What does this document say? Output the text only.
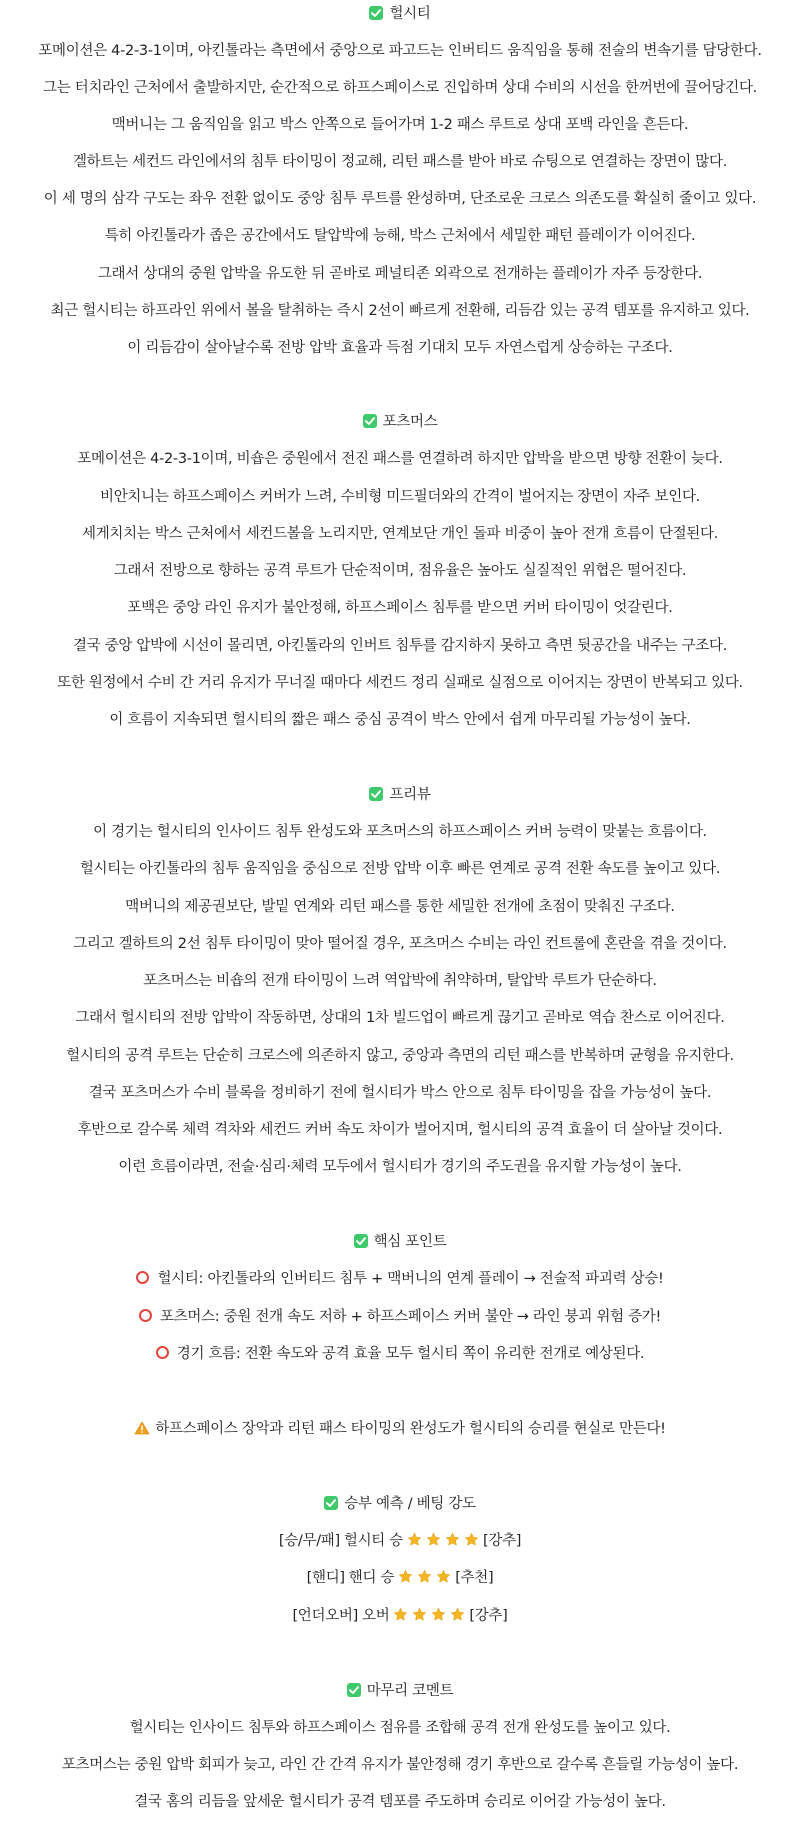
헐시티
포메이션은 4-2-3-1이며, 아킨톨라는 측면에서 중앙으로 파고드는 인버티드 움직임을 통해 전술의 변속기를 담당한다.
그는 터치라인 근처에서 출발하지만, 순간적으로 하프스페이스로 진입하며 상대 수비의 시선을 한꺼번에 끌어당긴다.
맥버니는 그 움직임을 읽고 박스 안쪽으로 들어가며 1-2 패스 루트로 상대 포백 라인을 흔든다.
겔하트는 세컨드 라인에서의 침투 타이밍이 정교해, 리턴 패스를 받아 바로 슈팅으로 연결하는 장면이 많다.
이 세 명의 삼각 구도는 좌우 전환 없이도 중앙 침투 루트를 완성하며, 단조로운 크로스 의존도를 확실히 줄이고 있다.
특히 아킨톨라가 좁은 공간에서도 탈압박에 능해, 박스 근처에서 세밀한 패턴 플레이가 이어진다.
그래서 상대의 중원 압박을 유도한 뒤 곧바로 페널티존 외곽으로 전개하는 플레이가 자주 등장한다.
최근 헐시티는 하프라인 위에서 볼을 탈취하는 즉시 2선이 빠르게 전환해, 리듬감 있는 공격 템포를 유지하고 있다.
이 리듬감이 살아날수록 전방 압박 효율과 득점 기대치 모두 자연스럽게 상승하는 구조다.
포츠머스
포메이션은 4-2-3-1이며, 비숍은 중원에서 전진 패스를 연결하려 하지만 압박을 받으면 방향 전환이 늦다.
비안치니는 하프스페이스 커버가 느려, 수비형 미드필더와의 간격이 벌어지는 장면이 자주 보인다.
세게치치는 박스 근처에서 세컨드볼을 노리지만, 연계보단 개인 돌파 비중이 높아 전개 흐름이 단절된다.
그래서 전방으로 향하는 공격 루트가 단순적이며, 점유율은 높아도 실질적인 위협은 떨어진다.
포백은 중앙 라인 유지가 불안정해, 하프스페이스 침투를 받으면 커버 타이밍이 엇갈린다.
결국 중앙 압박에 시선이 몰리면, 아킨톨라의 인버트 침투를 감지하지 못하고 측면 뒷공간을 내주는 구조다.
또한 원정에서 수비 간 거리 유지가 무너질 때마다 세컨드 정리 실패로 실점으로 이어지는 장면이 반복되고 있다.
이 흐름이 지속되면 헐시티의 짧은 패스 중심 공격이 박스 안에서 쉽게 마무리될 가능성이 높다.
프리뷰
이 경기는 헐시티의 인사이드 침투 완성도와 포츠머스의 하프스페이스 커버 능력이 맞붙는 흐름이다.
헐시티는 아킨톨라의 침투 움직임을 중심으로 전방 압박 이후 빠른 연계로 공격 전환 속도를 높이고 있다.
맥버니의 제공권보단, 발밑 연계와 리턴 패스를 통한 세밀한 전개에 초점이 맞춰진 구조다.
그리고 겔하트의 2선 침투 타이밍이 맞아 떨어질 경우, 포츠머스 수비는 라인 컨트롤에 혼란을 겪을 것이다.
포츠머스는 비숍의 전개 타이밍이 느려 역압박에 취약하며, 탈압박 루트가 단순하다.
그래서 헐시티의 전방 압박이 작동하면, 상대의 1차 빌드업이 빠르게 끊기고 곧바로 역습 찬스로 이어진다.
헐시티의 공격 루트는 단순히 크로스에 의존하지 않고, 중앙과 측면의 리턴 패스를 반복하며 균형을 유지한다.
결국 포츠머스가 수비 블록을 정비하기 전에 헐시티가 박스 안으로 침투 타이밍을 잡을 가능성이 높다.
후반으로 갈수록 체력 격차와 세컨드 커버 속도 차이가 벌어지며, 헐시티의 공격 효율이 더 살아날 것이다.
이런 흐름이라면, 전술·심리·체력 모두에서 헐시티가 경기의 주도권을 유지할 가능성이 높다.
핵심 포인트
헐시티: 아킨톨라의 인버티드 침투 + 맥버니의 연계 플레이 → 전술적 파괴력 상승!
포츠머스: 중원 전개 속도 저하 + 하프스페이스 커버 불안 → 라인 붕괴 위험 증가!
경기 흐름: 전환 속도와 공격 효율 모두 헐시티 쪽이 유리한 전개로 예상된다.
하프스페이스 장악과 리턴 패스 타이밍의 완성도가 헐시티의 승리를 현실로 만든다!
승부 예측 / 베팅 강도
[승/무/패] 헐시티 승	[강추]
[핸디] 핸디 승	[추천]
[언더오버] 오버	[강추]
마무리 코멘트
헐시티는 인사이드 침투와 하프스페이스 점유를 조합해 공격 전개 완성도를 높이고 있다.
포츠머스는 중원 압박 회피가 늦고, 라인 간 간격 유지가 불안정해 경기 후반으로 갈수록 흔들릴 가능성이 높다.
결국 홈의 리듬을 앞세운 헐시티가 공격 템포를 주도하며 승리로 이어갈 가능성이 높다.
